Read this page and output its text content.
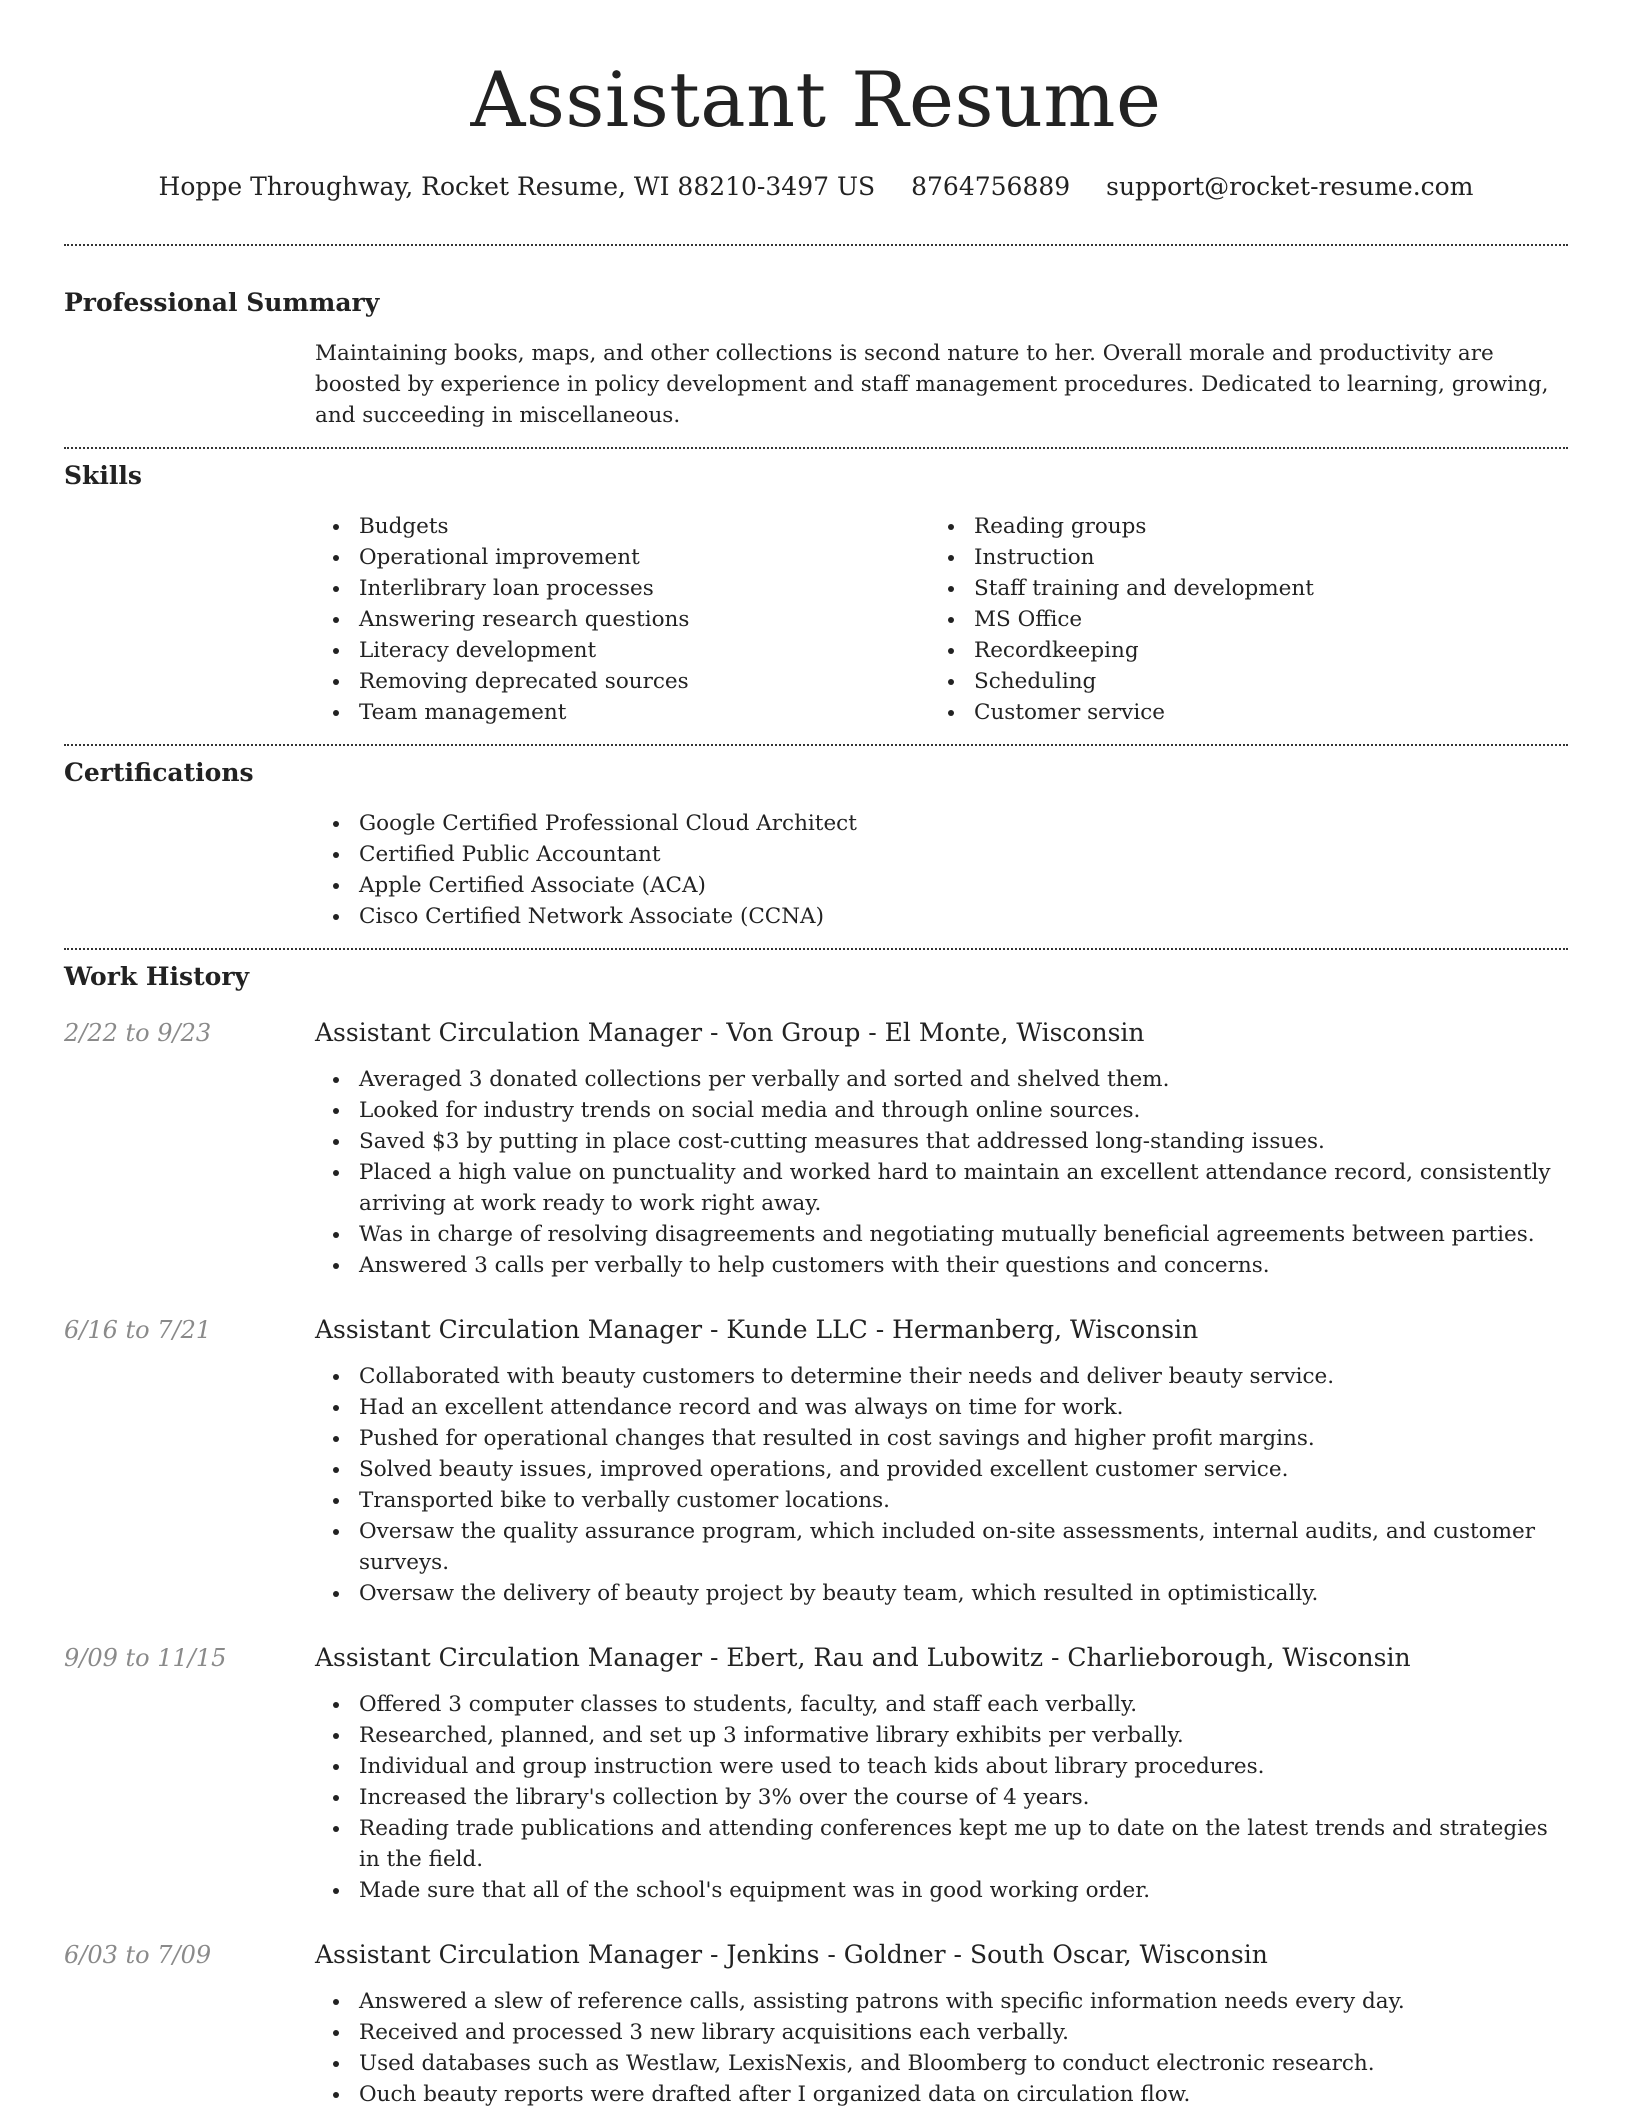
Assistant Resume
Hoppe Throughway, Rocket Resume, WI 88210-3497 US 8764756889 support@rocket-resume.com
Professional Summary

Maintaining books, maps, and other collections is second nature to her. Overall morale and productivity are boosted by experience in policy development and staff management procedures. Dedicated to learning, growing, and succeeding in miscellaneous.

Skills
Budgets
Operational improvement
Interlibrary loan processes
Answering research questions
Literacy development
Removing deprecated sources
Team management
Reading groups
Instruction
Staff training and development
MS Office
Recordkeeping
Scheduling
Customer service
Certifications
Google Certified Professional Cloud Architect
Certified Public Accountant
Apple Certified Associate (ACA)
Cisco Certified Network Associate (CCNA)
Work History
2/22 to 9/23	Assistant Circulation Manager - Von Group - El Monte, Wisconsin
Averaged 3 donated collections per verbally and sorted and shelved them.
Looked for industry trends on social media and through online sources.
Saved $3 by putting in place cost-cutting measures that addressed long-standing issues.
Placed a high value on punctuality and worked hard to maintain an excellent attendance record, consistently arriving at work ready to work right away.
Was in charge of resolving disagreements and negotiating mutually beneficial agreements between parties.
Answered 3 calls per verbally to help customers with their questions and concerns.
6/16 to 7/21	Assistant Circulation Manager - Kunde LLC - Hermanberg, Wisconsin
Collaborated with beauty customers to determine their needs and deliver beauty service.
Had an excellent attendance record and was always on time for work.
Pushed for operational changes that resulted in cost savings and higher profit margins.
Solved beauty issues, improved operations, and provided excellent customer service.
Transported bike to verbally customer locations.
Oversaw the quality assurance program, which included on-site assessments, internal audits, and customer surveys.
Oversaw the delivery of beauty project by beauty team, which resulted in optimistically.
9/09 to 11/15	Assistant Circulation Manager - Ebert, Rau and Lubowitz - Charlieborough, Wisconsin
Offered 3 computer classes to students, faculty, and staff each verbally.
Researched, planned, and set up 3 informative library exhibits per verbally.
Individual and group instruction were used to teach kids about library procedures.
Increased the library's collection by 3% over the course of 4 years.
Reading trade publications and attending conferences kept me up to date on the latest trends and strategies in the field.
Made sure that all of the school's equipment was in good working order.
6/03 to 7/09	Assistant Circulation Manager - Jenkins - Goldner - South Oscar, Wisconsin
Answered a slew of reference calls, assisting patrons with specific information needs every day.
Received and processed 3 new library acquisitions each verbally.
Used databases such as Westlaw, LexisNexis, and Bloomberg to conduct electronic research.
Ouch beauty reports were drafted after I organized data on circulation flow.
